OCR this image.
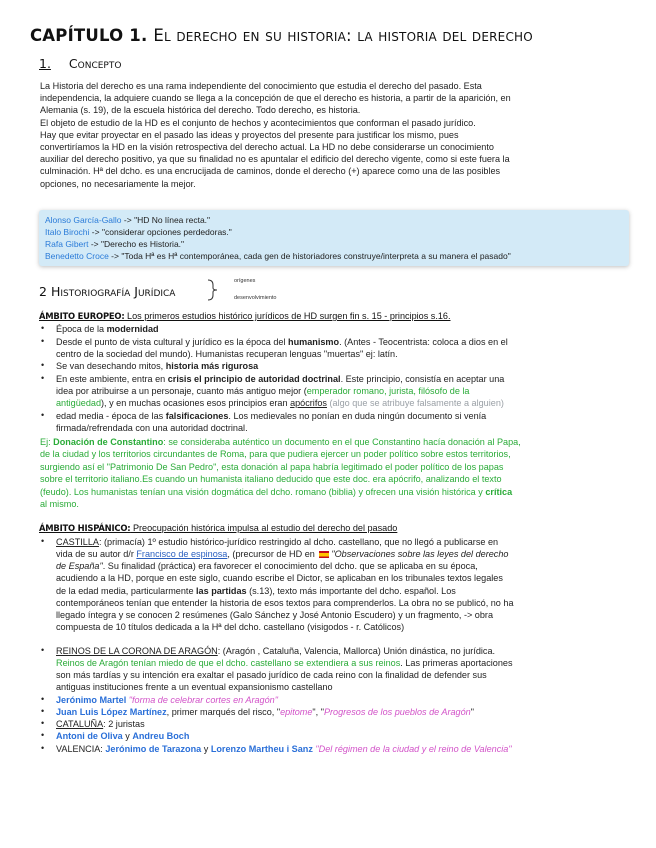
CAPÍTULO 1. El derecho en su historia: la historia del derecho
1. Concepto
La Historia del derecho es una rama independiente del conocimiento que estudia el derecho del pasado. Esta
independencia, la adquiere cuando se llega a la concepción de que el derecho es historia, a partir de la aparición, en
Alemania (s. 19), de la escuela histórica del derecho. Todo derecho, es historia.
El objeto de estudio de la HD es el conjunto de hechos y acontecimientos que conforman el pasado jurídico.
Hay que evitar proyectar en el pasado las ideas y proyectos del presente para justificar los mismo, pues
convertiríamos la HD en la visión retrospectiva del derecho actual. La HD no debe considerarse un conocimiento
auxiliar del derecho positivo, ya que su finalidad no es apuntalar el edificio del derecho vigente, como si este fuera la
culminación. Hª del dcho. es una encrucijada de caminos, donde el derecho (+) aparece como una de las posibles
opciones, no necesariamente la mejor.
Alonso García-Gallo -> "HD No línea recta."
Italo Birochi -> "considerar opciones perdedoras."
Rafa Gibert -> "Derecho es Historia."
Benedetto Croce -> "Toda Hª es Hª contemporánea, cada gen de historiadores construye/interpreta a su manera el pasado"
2 Historiografía Jurídica
orígenes
desenvolvimiento
ÁMBITO EUROPEO: Los primeros estudios histórico jurídicos de HD surgen fin s. 15 - principios s.16.
• Época de la modernidad
• Desde el punto de vista cultural y jurídico es la época del humanismo. (Antes - Teocentrista: coloca a dios en el
centro de la sociedad del mundo). Humanistas recuperan lenguas "muertas" ej: latín.
• Se van desechando mitos, historia más rigurosa
• En este ambiente, entra en crisis el principio de autoridad doctrinal. Este principio, consistía en aceptar una
idea por atribuirse a un personaje, cuanto más antiguo mejor (emperador romano, jurista, filósofo de la
antigüedad), y en muchas ocasiones esos principios eran apócrifos (algo que se atribuye falsamente a alguien)
• edad media - época de las falsificaciones. Los medievales no ponían en duda ningún documento si venía
firmada/refrendada con una autoridad doctrinal.
Ej: Donación de Constantino: se consideraba auténtico un documento en el que Constantino hacía donación al Papa,
de la ciudad y los territorios circundantes de Roma, para que pudiera ejercer un poder político sobre estos territorios,
surgiendo así el "Patrimonio De San Pedro", esta donación al papa habría legitimado el poder político de los papas
sobre el territorio italiano.Es cuando un humanista italiano deducido que este doc. era apócrifo, analizando el texto
(feudo). Los humanistas tenían una visión dogmática del dcho. romano (biblia) y ofrecen una visión histórica y crítica
al mismo.
ÁMBITO HISPÁNICO: Preocupación histórica impulsa al estudio del derecho del pasado
• CASTILLA: (primacía) 1º estudio histórico-jurídico restringido al dcho. castellano, que no llegó a publicarse en
vida de su autor d/r Francisco de espinosa, (precursor de HD en "Observaciones sobre las leyes del derecho
de España". Su finalidad (práctica) era favorecer el conocimiento del dcho. que se aplicaba en su época,
acudiendo a la HD, porque en este siglo, cuando escribe el Dictor, se aplicaban en los tribunales textos legales
de la edad media, particularmente las partidas (s.13), texto más importante del dcho. español. Los
contemporáneos tenían que entender la historia de esos textos para comprenderlos. La obra no se publicó, no ha
llegado íntegra y se conocen 2 resúmenes (Galo Sánchez y José Antonio Escudero) y un fragmento, -> obra
compuesta de 10 títulos dedicada a la Hª del dcho. castellano (visigodos - r. Católicos)
• REINOS DE LA CORONA DE ARAGÓN: (Aragón , Cataluña, Valencia, Mallorca) Unión dinástica, no jurídica.
Reinos de Aragón tenían miedo de que el dcho. castellano se extendiera a sus reinos. Las primeras aportaciones
son más tardías y su intención era exaltar el pasado jurídico de cada reino con la finalidad de defender sus
antiguas instituciones frente a un eventual expansionismo castellano
• Jerónimo Martel "forma de celebrar cortes en Aragón"
• Juan Luis López Martínez, primer marqués del risco, "epitome", "Progresos de los pueblos de Aragón"
• CATALUÑA: 2 juristas
• Antoni de Oliva y Andreu Boch
• VALENCIA: Jerónimo de Tarazona y Lorenzo Martheu i Sanz "Del régimen de la ciudad y el reino de Valencia"
